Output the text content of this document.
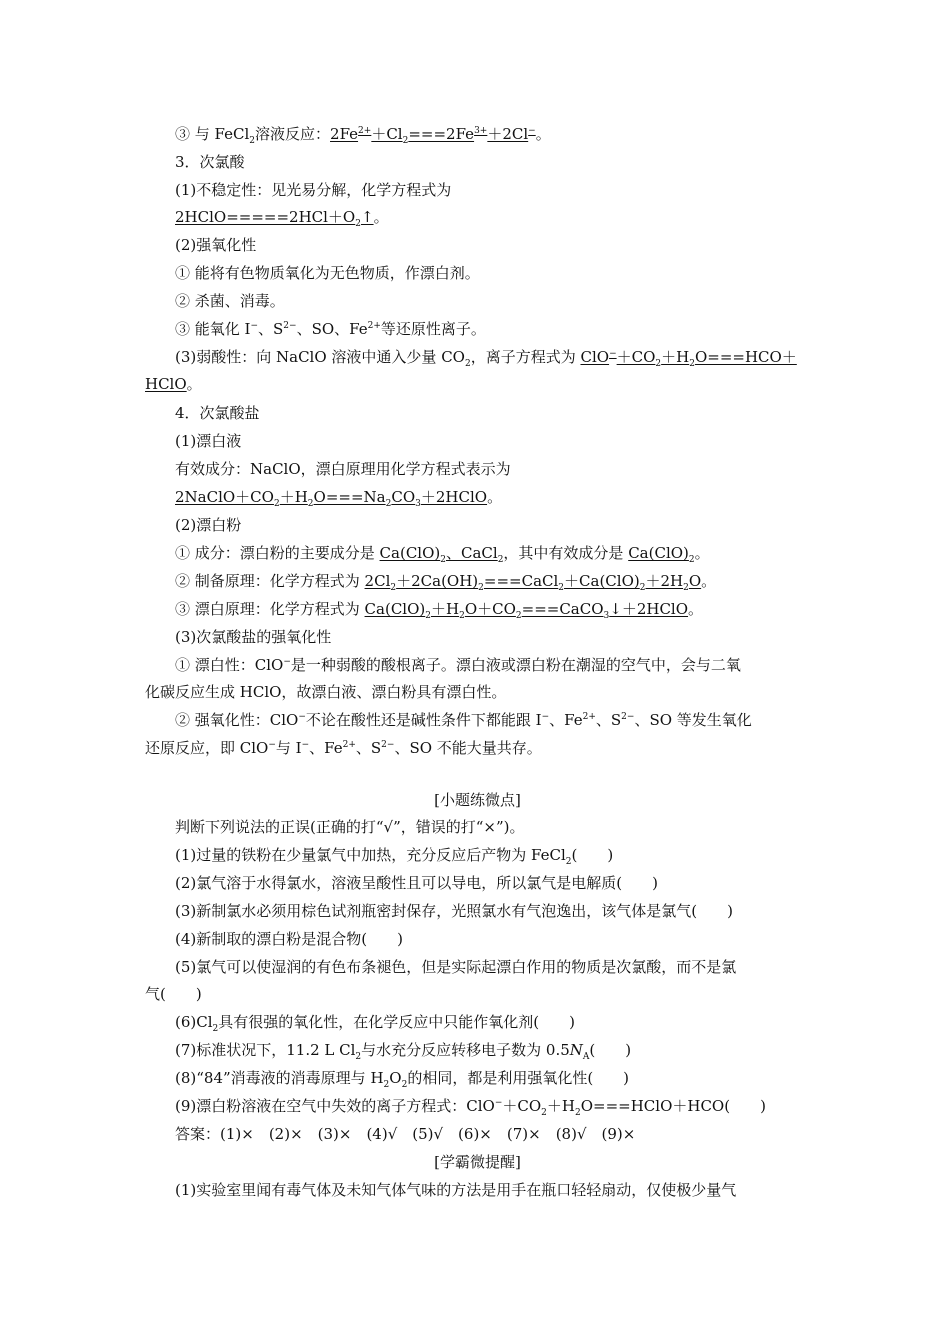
③ 与 FeCl$_2$溶液反应：$2Fe^{2+}+Cl_2===2Fe^{3+}+2Cl^-$。
3．次氯酸
(1)不稳定性：见光易分解，化学方程式为
$2HClO=====2HCl+O_2↑$。
(2)强氧化性
① 能将有色物质氧化为无色物质，作漂白剂。
② 杀菌、消毒。
③ 能氧化 I−、$S^{2-}$、SO、$Fe^{2+}$等还原性离子。
(3)弱酸性：向 NaClO 溶液中通入少量 $CO_2$，离子方程式为 $ClO^-+CO_2+H_2O===HCO+$
HClO。
4．次氯酸盐
(1)漂白液
有效成分：NaClO，漂白原理用化学方程式表示为
$2NaClO+CO_2+H_2O===Na_2CO_3+2HClO$。
(2)漂白粉
① 成分：漂白粉的主要成分是 $Ca(ClO)_2$、CaCl$_2$，其中有效成分是 $Ca(ClO)_2$。
② 制备原理：化学方程式为 $2Cl_2+2Ca(OH)_2===CaCl_2+Ca(ClO)_2+2H_2O$。
③ 漂白原理：化学方程式为 $Ca(ClO)_2+H_2O+CO_2===CaCO_3↓+2HClO$。
(3)次氯酸盐的强氧化性
① 漂白性：ClO−是一种弱酸的酸根离子。漂白液或漂白粉在潮湿的空气中，会与二氧
化碳反应生成 HClO，故漂白液、漂白粉具有漂白性。
② 强氧化性：ClO−不论在酸性还是碱性条件下都能跟 I−、$Fe^{2+}$、$S^{2-}$、SO 等发生氧化
还原反应，即 ClO−与 I−、$Fe^{2+}$、$S^{2-}$、SO 不能大量共存。
[小题练微点]
判断下列说法的正误(正确的打“√”，错误的打“×”)。
(1)过量的铁粉在少量氯气中加热，充分反应后产物为 FeCl$_2$(　　)
(2)氯气溶于水得氯水，溶液呈酸性且可以导电，所以氯气是电解质(　　)
(3)新制氯水必须用棕色试剂瓶密封保存，光照氯水有气泡逸出，该气体是氯气(　　)
(4)新制取的漂白粉是混合物(　　)
(5)氯气可以使湿润的有色布条褪色，但是实际起漂白作用的物质是次氯酸，而不是氯
气(　　)
$(6)Cl_2$具有很强的氧化性，在化学反应中只能作氧化剂(　　)
(7)标准状况下，11.2 L $Cl_2$与水充分反应转移电子数为 $0.5N_A$(　　)
(8)“84”消毒液的消毒原理与 $H_2O_2$的相同，都是利用强氧化性(　　)
(9)漂白粉溶液在空气中失效的离子方程式：$ClO^-+CO_2+H_2O===HClO+HCO$(　　)
答案：(1)×　(2)×　(3)×　(4)√　(5)√　(6)×　(7)×　(8)√　(9)×
[学霸微提醒]
(1)实验室里闻有毒气体及未知气体气味的方法是用手在瓶口轻轻扇动，仅使极少量气
